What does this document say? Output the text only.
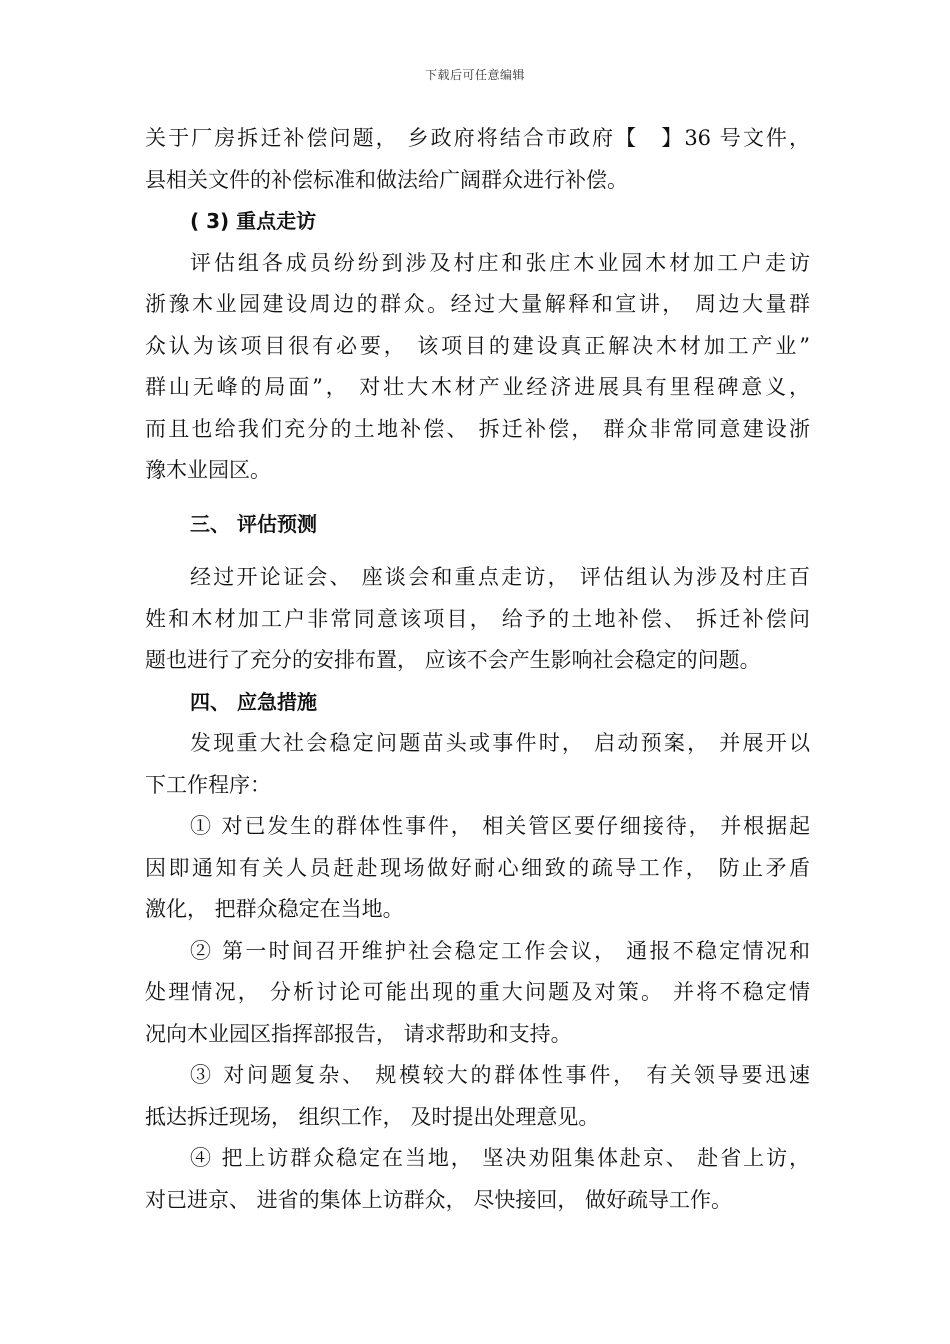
下载后可任意编辑
关于厂房拆迁补偿问题， 乡政府将结合市政府【　】36 号文件，
县相关文件的补偿标准和做法给广阔群众进行补偿。
( 3) 重点走访
评估组各成员纷纷到涉及村庄和张庄木业园木材加工户走访
浙豫木业园建设周边的群众。经过大量解释和宣讲， 周边大量群
众认为该项目很有必要， 该项目的建设真正解决木材加工产业”
群山无峰的局面”， 对壮大木材产业经济进展具有里程碑意义，
而且也给我们充分的土地补偿、 拆迁补偿， 群众非常同意建设浙
豫木业园区。
三、 评估预测
经过开论证会、 座谈会和重点走访， 评估组认为涉及村庄百
姓和木材加工户非常同意该项目， 给予的土地补偿、 拆迁补偿问
题也进行了充分的安排布置， 应该不会产生影响社会稳定的问题。
四、 应急措施
发现重大社会稳定问题苗头或事件时， 启动预案， 并展开以
下工作程序：
① 对已发生的群体性事件， 相关管区要仔细接待， 并根据起
因即通知有关人员赶赴现场做好耐心细致的疏导工作， 防止矛盾
激化， 把群众稳定在当地。
② 第一时间召开维护社会稳定工作会议， 通报不稳定情况和
处理情况， 分析讨论可能出现的重大问题及对策。 并将不稳定情
况向木业园区指挥部报告， 请求帮助和支持。
③ 对问题复杂、 规模较大的群体性事件， 有关领导要迅速
抵达拆迁现场， 组织工作， 及时提出处理意见。
④ 把上访群众稳定在当地， 坚决劝阻集体赴京、 赴省上访，
对已进京、 进省的集体上访群众， 尽快接回， 做好疏导工作。
